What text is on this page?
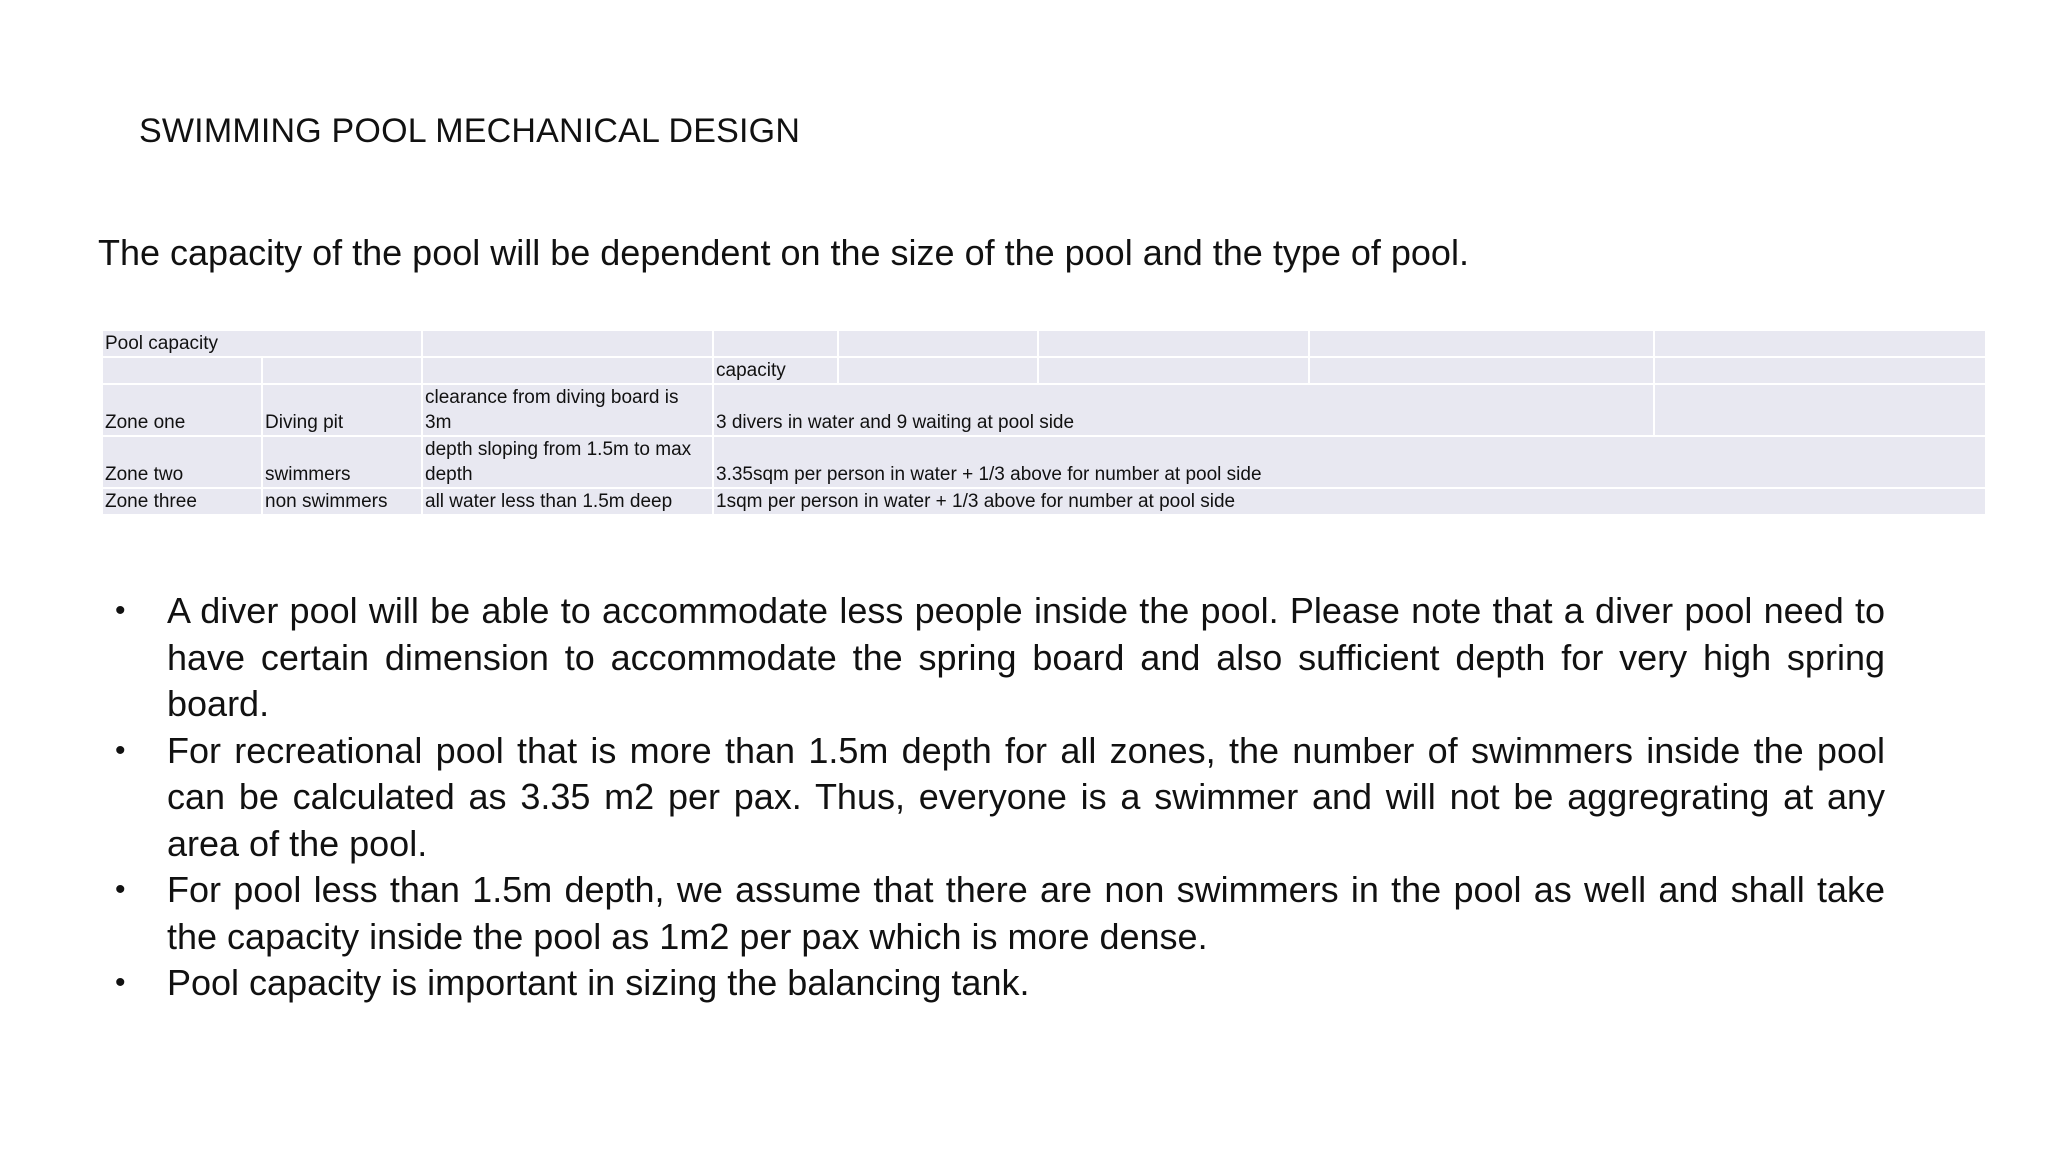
SWIMMING POOL MECHANICAL DESIGN
The capacity of the pool will be dependent on the size of the pool and the type of pool.
Pool capacity							
			capacity				
Zone one	Diving pit	clearance from diving board is 3m	3 divers in water and 9 waiting at pool side				
Zone two	swimmers	depth sloping from 1.5m to max depth	3.35sqm per person in water + 1/3 above for number at pool side				
Zone three	non swimmers	all water less than 1.5m deep	1sqm per person in water + 1/3 above for number at pool side				
• A diver pool will be able to accommodate less people inside the pool. Please note that a diver pool need to have certain dimension to accommodate the spring board and also sufficient depth for very high spring board.
• For recreational pool that is more than 1.5m depth for all zones, the number of swimmers inside the pool can be calculated as 3.35 m2 per pax. Thus, everyone is a swimmer and will not be aggregrating at any area of the pool.
• For pool less than 1.5m depth, we assume that there are non swimmers in the pool as well and shall take the capacity inside the pool as 1m2 per pax which is more dense.
• Pool capacity is important in sizing the balancing tank.
